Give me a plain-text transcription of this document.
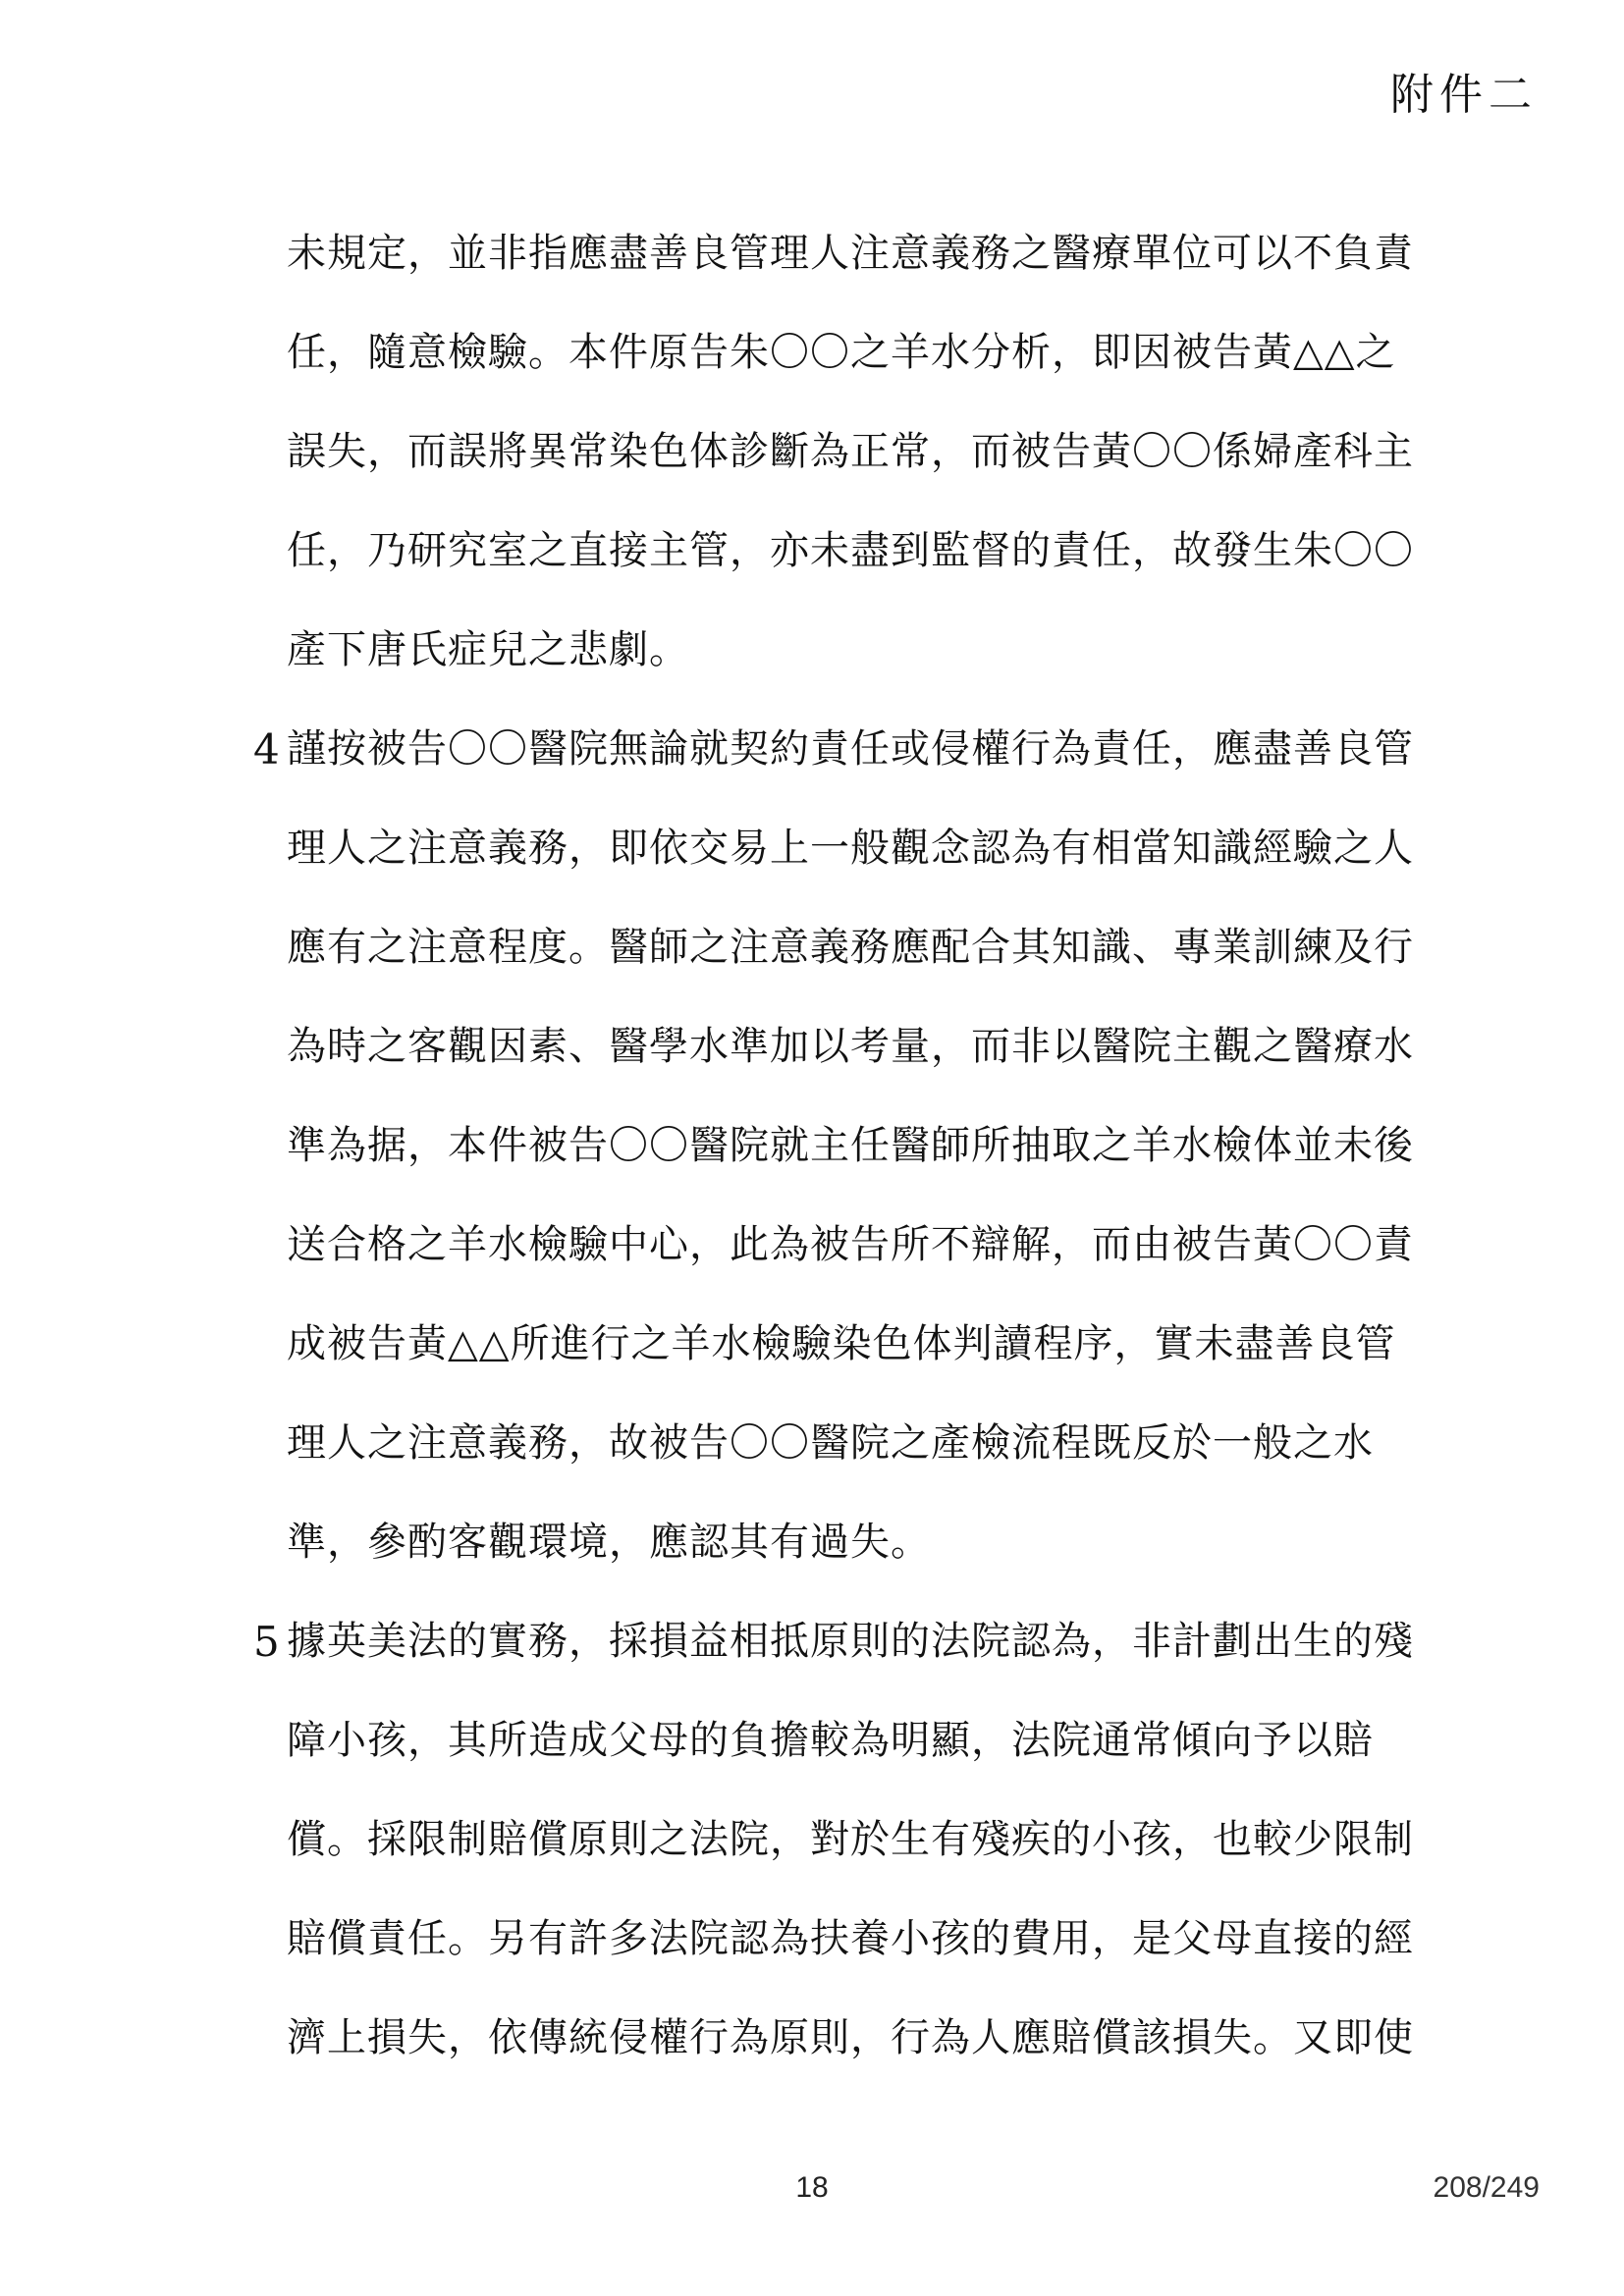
附件二
未規定，並非指應盡善良管理人注意義務之醫療單位可以不負責
任，隨意檢驗。本件原告朱〇〇之羊水分析，即因被告黃△△之
誤失，而誤將異常染色体診斷為正常，而被告黃〇〇係婦產科主
任，乃研究室之直接主管，亦未盡到監督的責任，故發生朱〇〇
產下唐氏症兒之悲劇。
4 謹按被告〇〇醫院無論就契約責任或侵權行為責任，應盡善良管
理人之注意義務，即依交易上一般觀念認為有相當知識經驗之人
應有之注意程度。醫師之注意義務應配合其知識、專業訓練及行
為時之客觀因素、醫學水準加以考量，而非以醫院主觀之醫療水
準為据，本件被告〇〇醫院就主任醫師所抽取之羊水檢体並未後
送合格之羊水檢驗中心，此為被告所不辯解，而由被告黃〇〇責
成被告黃△△所進行之羊水檢驗染色体判讀程序，實未盡善良管
理人之注意義務，故被告〇〇醫院之產檢流程既反於一般之水
準，參酌客觀環境，應認其有過失。
5 據英美法的實務，採損益相抵原則的法院認為，非計劃出生的殘
障小孩，其所造成父母的負擔較為明顯，法院通常傾向予以賠
償。採限制賠償原則之法院，對於生有殘疾的小孩，也較少限制
賠償責任。另有許多法院認為扶養小孩的費用，是父母直接的經
濟上損失，依傳統侵權行為原則，行為人應賠償該損失。又即使
18	208/249
